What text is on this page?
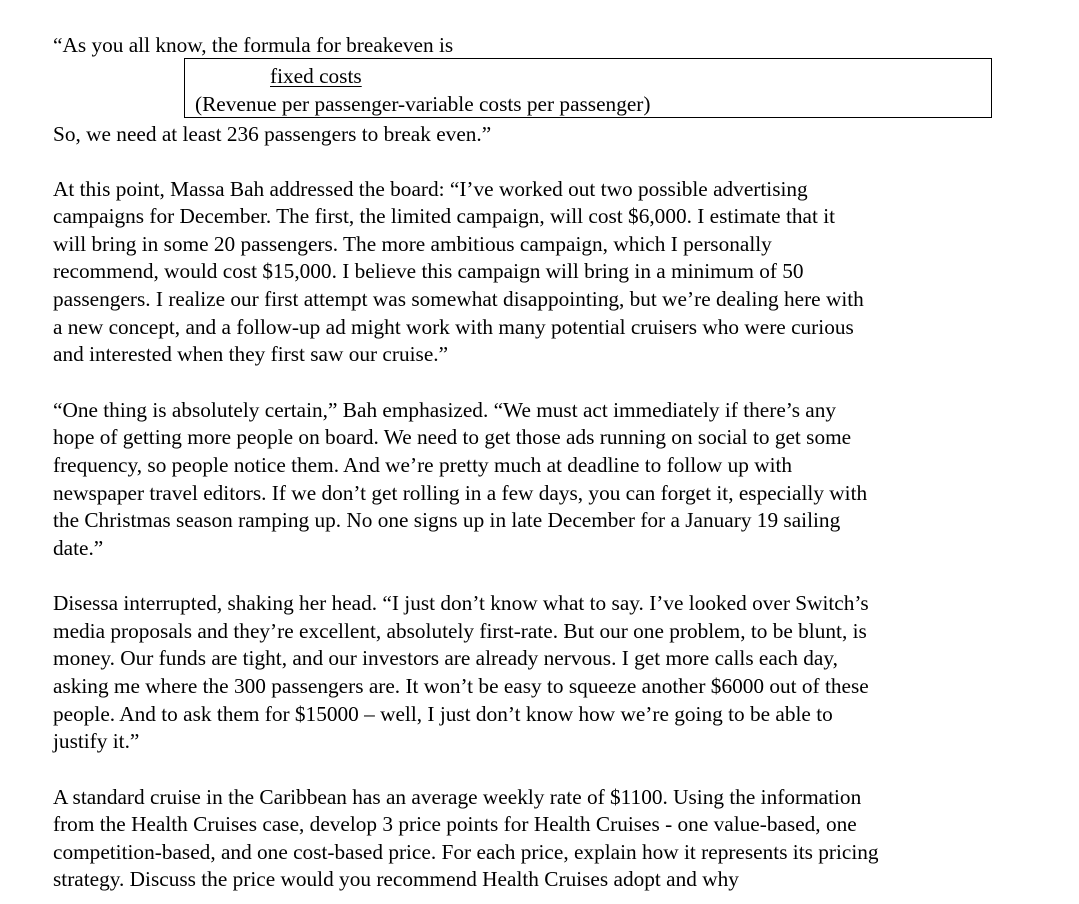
“As you all know, the formula for breakeven is
fixed costs
(Revenue per passenger-variable costs per passenger)
So, we need at least 236 passengers to break even.”
At this point, Massa Bah addressed the board: “I’ve worked out two possible advertising
campaigns for December. The first, the limited campaign, will cost $6,000. I estimate that it
will bring in some 20 passengers. The more ambitious campaign, which I personally
recommend, would cost $15,000. I believe this campaign will bring in a minimum of 50
passengers. I realize our first attempt was somewhat disappointing, but we’re dealing here with
a new concept, and a follow-up ad might work with many potential cruisers who were curious
and interested when they first saw our cruise.”
“One thing is absolutely certain,” Bah emphasized. “We must act immediately if there’s any
hope of getting more people on board. We need to get those ads running on social to get some
frequency, so people notice them. And we’re pretty much at deadline to follow up with
newspaper travel editors. If we don’t get rolling in a few days, you can forget it, especially with
the Christmas season ramping up. No one signs up in late December for a January 19 sailing
date.”
Disessa interrupted, shaking her head. “I just don’t know what to say. I’ve looked over Switch’s
media proposals and they’re excellent, absolutely first-rate. But our one problem, to be blunt, is
money. Our funds are tight, and our investors are already nervous. I get more calls each day,
asking me where the 300 passengers are. It won’t be easy to squeeze another $6000 out of these
people. And to ask them for $15000 – well, I just don’t know how we’re going to be able to
justify it.”
A standard cruise in the Caribbean has an average weekly rate of $1100. Using the information
from the Health Cruises case, develop 3 price points for Health Cruises - one value-based, one
competition-based, and one cost-based price. For each price, explain how it represents its pricing
strategy. Discuss the price would you recommend Health Cruises adopt and why
